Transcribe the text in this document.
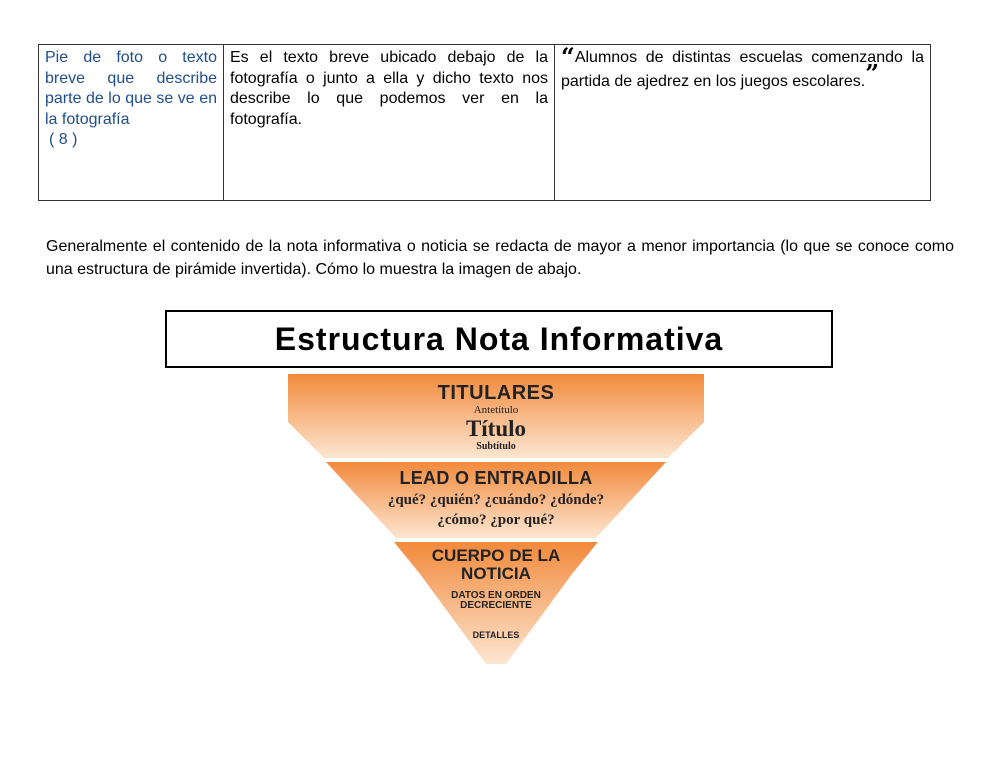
Pie de foto o texto breve que describe parte de lo que se ve en la fotografía
( 8 )
	Es el texto breve ubicado debajo de la fotografía o junto a ella y dicho texto nos describe lo que podemos ver en la fotografía.	“Alumnos de distintas escuelas comenzando la partida de ajedrez en los juegos escolares.”

Generalmente el contenido de la nota informativa o noticia se redacta de mayor a menor importancia (lo que se conoce como una estructura de pirámide invertida). Cómo lo muestra la imagen de abajo.

Estructura Nota Informativa
TITULARES
Antetítulo
Título
Subtítulo
LEAD O ENTRADILLA
¿qué? ¿quién? ¿cuándo? ¿dónde?
¿cómo? ¿por qué?
CUERPO DE LA
NOTICIA
DATOS EN ORDEN
DECRECIENTE
DETALLES
